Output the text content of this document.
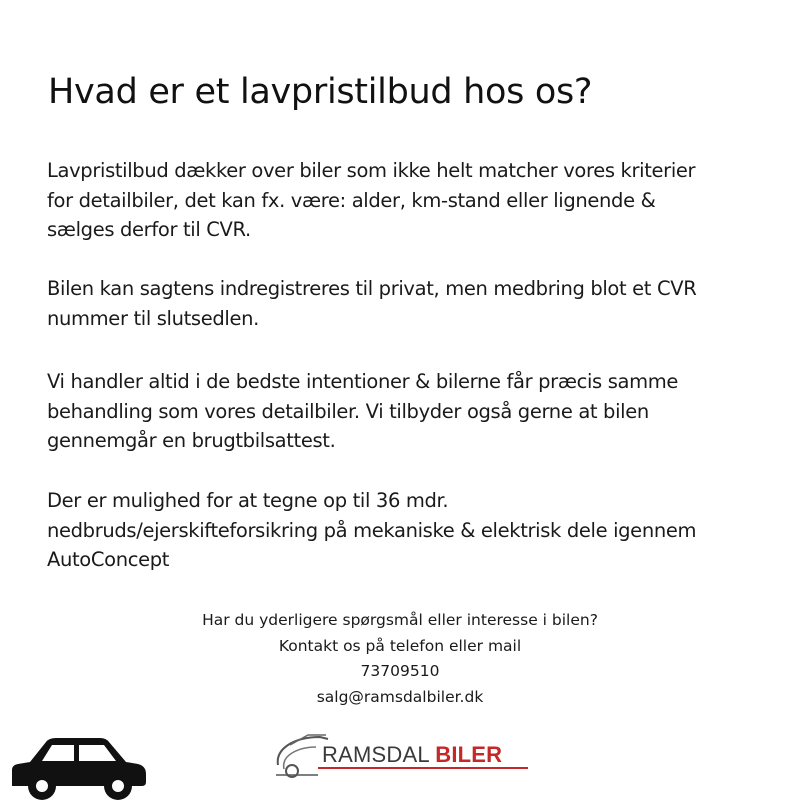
Hvad er et lavpristilbud hos os?

Lavpristilbud dækker over biler som ikke helt matcher vores kriterier
for detailbiler, det kan fx. være: alder, km-stand eller lignende &
sælges derfor til CVR.

Bilen kan sagtens indregistreres til privat, men medbring blot et CVR
nummer til slutsedlen.

Vi handler altid i de bedste intentioner & bilerne får præcis samme
behandling som vores detailbiler. Vi tilbyder også gerne at bilen
gennemgår en brugtbilsattest.

Der er mulighed for at tegne op til 36 mdr.
nedbruds/ejerskifteforsikring på mekaniske & elektrisk dele igennem
AutoConcept

Har du yderligere spørgsmål eller interesse i bilen?
Kontakt os på telefon eller mail
73709510
salg@ramsdalbiler.dk
RAMSDAL BILER
